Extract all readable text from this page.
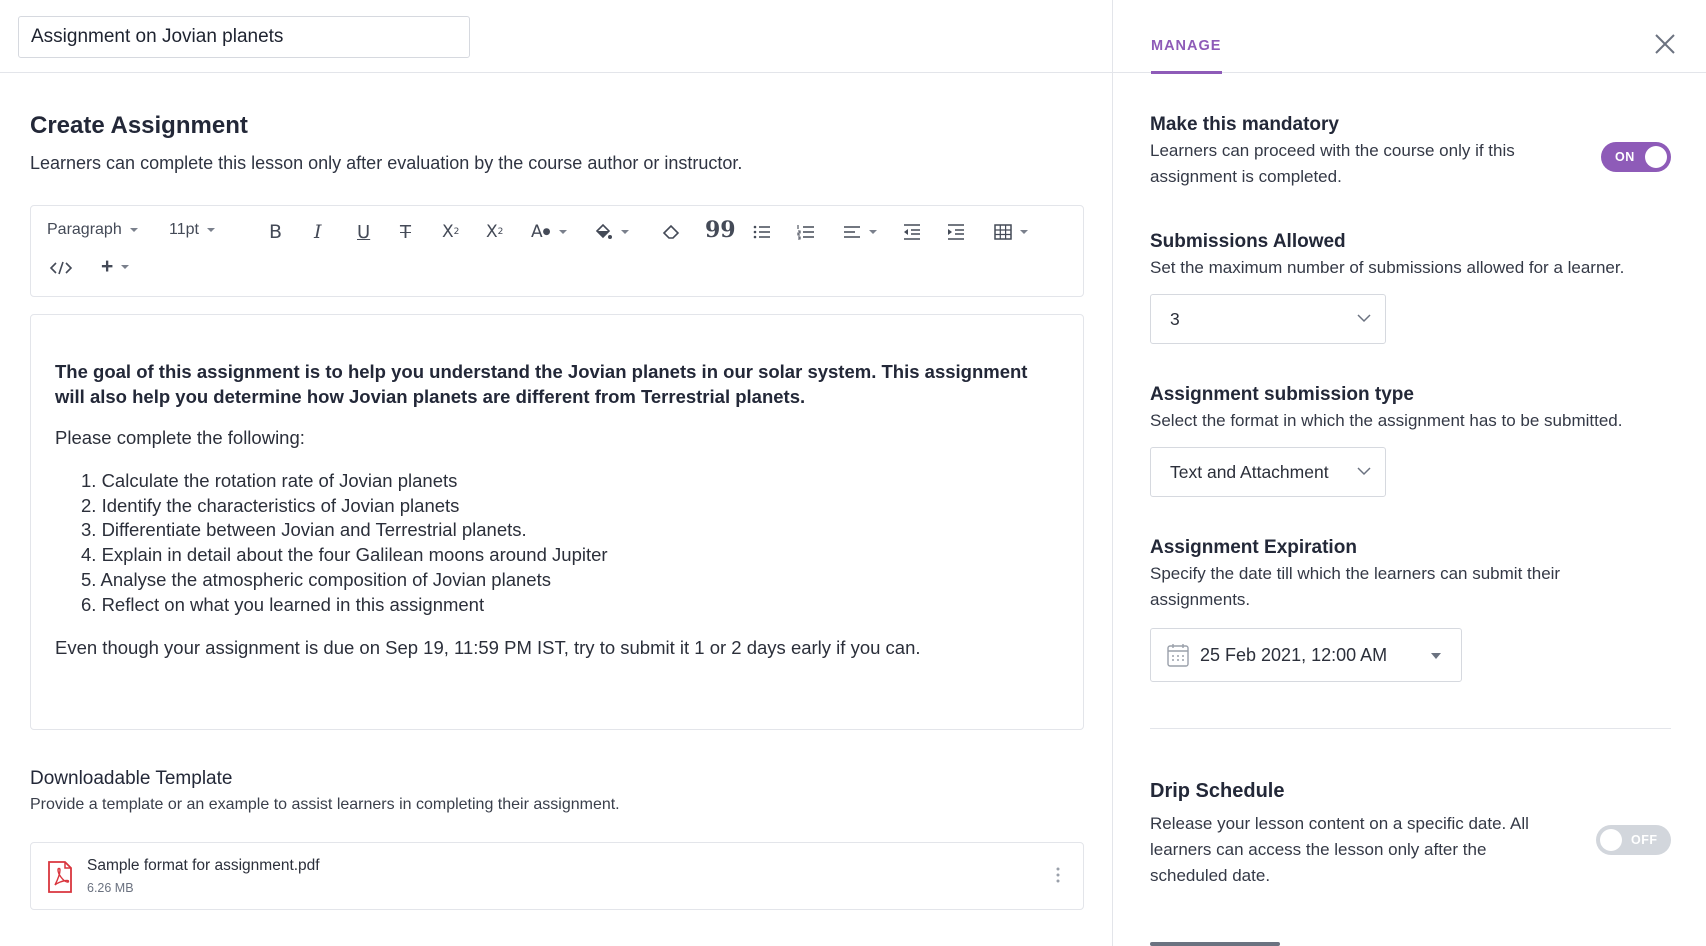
Assignment on Jovian planets
Create Assignment
Learners can complete this lesson only after evaluation by the course author or instructor.
Paragraph	11pt	B I U T X 2 X 2 A ●	99
+
The goal of this assignment is to help you understand the Jovian planets in our solar system. This assignment will also help you determine how Jovian planets are different from Terrestrial planets.
Please complete the following:
1. Calculate the rotation rate of Jovian planets
2. Identify the characteristics of Jovian planets
3. Differentiate between Jovian and Terrestrial planets.
4. Explain in detail about the four Galilean moons around Jupiter
5. Analyse the atmospheric composition of Jovian planets
6. Reflect on what you learned in this assignment
Even though your assignment is due on Sep 19, 11:59 PM IST, try to submit it 1 or 2 days early if you can.
Downloadable Template
Provide a template or an example to assist learners in completing their assignment.
Sample format for assignment.pdf
6.26 MB
MANAGE
Make this mandatory
Learners can proceed with the course only if this assignment is completed.
ON
Submissions Allowed
Set the maximum number of submissions allowed for a learner.
3
Assignment submission type
Select the format in which the assignment has to be submitted.
Text and Attachment
Assignment Expiration
Specify the date till which the learners can submit their assignments.
25 Feb 2021, 12:00 AM
Drip Schedule
Release your lesson content on a specific date. All learners can access the lesson only after the scheduled date.
OFF
